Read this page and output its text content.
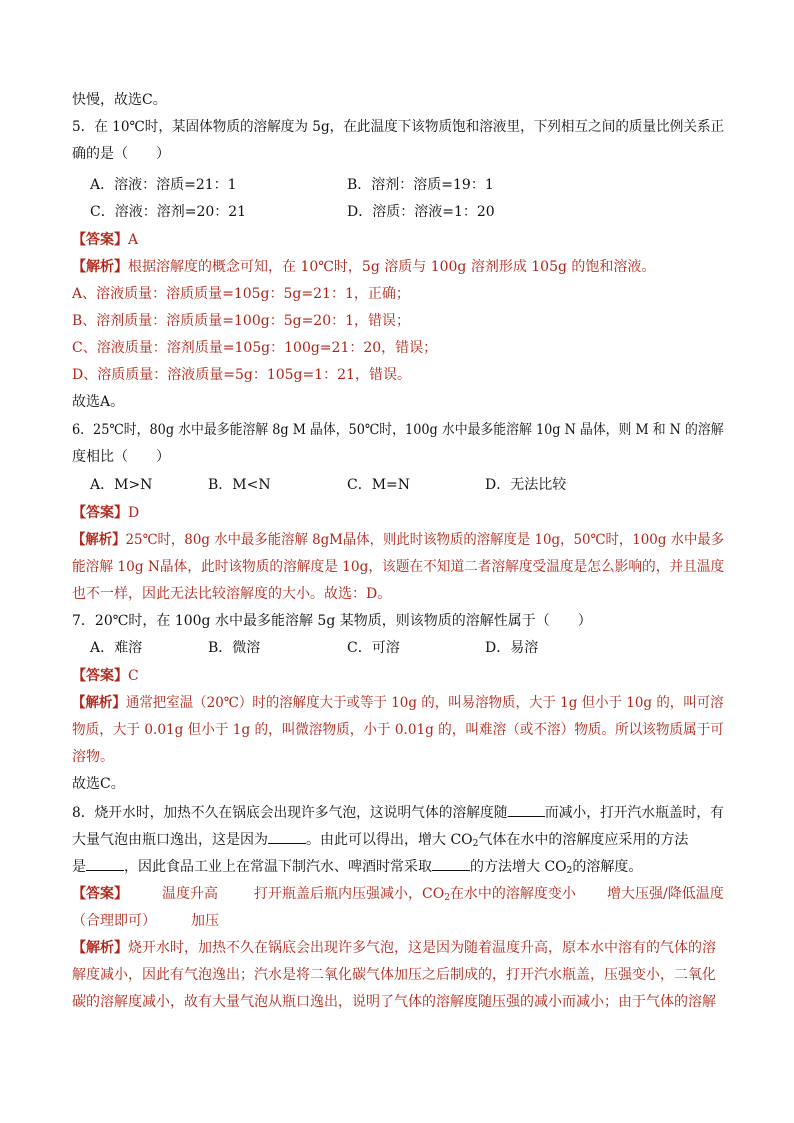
快慢，故选C。
5．在 10℃时，某固体物质的溶解度为 5g，在此温度下该物质饱和溶液里，下列相互之间的质量比例关系正
确的是（　　）
A．溶液：溶质=21：1	B．溶剂：溶质=19：1
C．溶液：溶剂=20：21	D．溶质：溶液=1：20
【答案】A
【解析】根据溶解度的概念可知，在 10℃时，5g 溶质与 100g 溶剂形成 105g 的饱和溶液。
A、溶液质量：溶质质量=105g：5g=21：1，正确；
B、溶剂质量：溶质质量=100g：5g=20：1，错误；
C、溶液质量：溶剂质量=105g：100g=21：20，错误；
D、溶质质量：溶液质量=5g：105g=1：21，错误。
故选A。
6．25℃时，80g 水中最多能溶解 8g M 晶体，50℃时，100g 水中最多能溶解 10g N 晶体，则 M 和 N 的溶解
度相比（　　）
A．M>N	B．M<N	C．M=N	D．无法比较
【答案】D
【解析】25℃时，80g 水中最多能溶解 8gM晶体，则此时该物质的溶解度是 10g，50℃时，100g 水中最多
能溶解 10g N晶体，此时该物质的溶解度是 10g，该题在不知道二者溶解度受温度是怎么影响的，并且温度
也不一样，因此无法比较溶解度的大小。故选：D。
7．20℃时，在 100g 水中最多能溶解 5g 某物质，则该物质的溶解性属于（　　）
A．难溶	B．微溶	C．可溶	D．易溶
【答案】C
【解析】通常把室温（20℃）时的溶解度大于或等于 10g 的，叫易溶物质，大于 1g 但小于 10g 的，叫可溶
物质，大于 0.01g 但小于 1g 的，叫微溶物质，小于 0.01g 的，叫难溶（或不溶）物质。所以该物质属于可
溶物。
故选C。
8．烧开水时，加热不久在锅底会出现许多气泡，这说明气体的溶解度随	而减小，打开汽水瓶盖时，有
大量气泡由瓶口逸出，这是因为	。由此可以得出，增大 $CO_2$气体在水中的溶解度应采用的方法
是	，因此食品工业上在常温下制汽水、啤酒时常采取	的方法增大 $CO_2$的溶解度。
【答案】 温度升高	打开瓶盖后瓶内压强减小，$CO_2$在水中的溶解度变小 增大压强/降低温度
（合理即可）	加压
【解析】烧开水时，加热不久在锅底会出现许多气泡，这是因为随着温度升高，原本水中溶有的气体的溶
解度减小，因此有气泡逸出；汽水是将二氧化碳气体加压之后制成的，打开汽水瓶盖，压强变小，二氧化
碳的溶解度减小，故有大量气泡从瓶口逸出，说明了气体的溶解度随压强的减小而减小；由于气体的溶解
